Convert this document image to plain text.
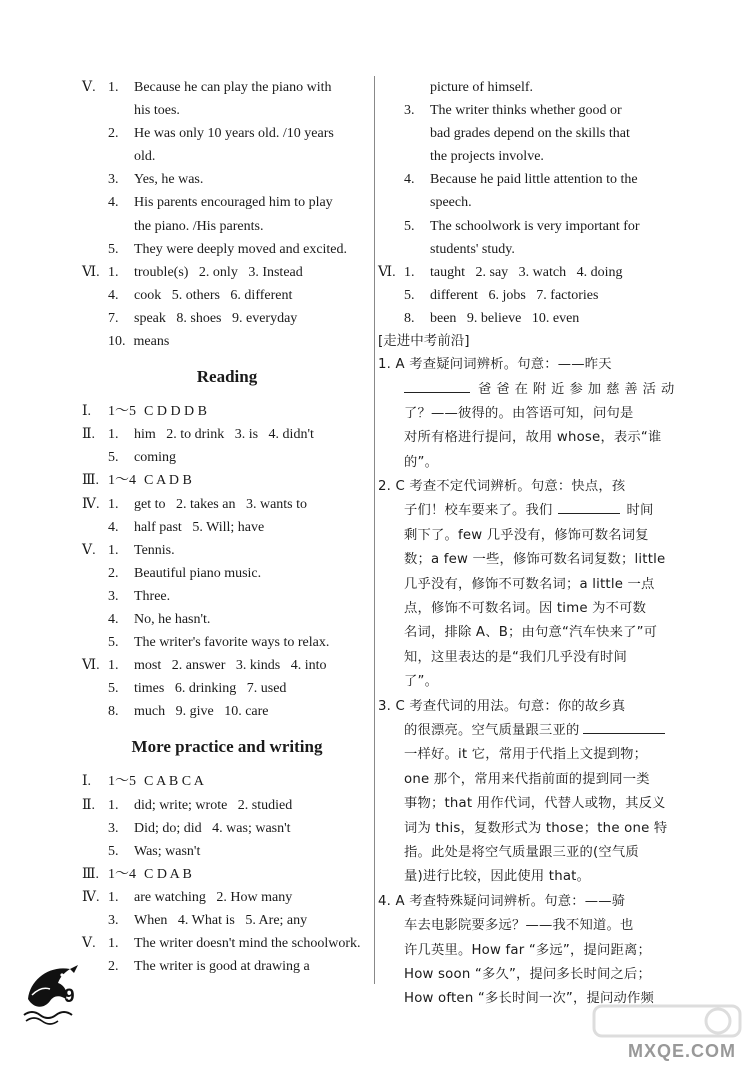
Ⅴ. 1.	Because he can play the piano with
his toes.
2.	He was only 10 years old. /10 years
old.
3.	Yes, he was.
4.	His parents encouraged him to play
the piano. /His parents.
5.	They were deeply moved and excited.
Ⅵ. 1.	trouble(s)   2. only   3. Instead
4.	cook   5. others   6. different
7.	speak   8. shoes   9. everyday
10. means
Reading
Ⅰ.	1～5 C D D D B
Ⅱ. 1.	him   2. to drink   3. is   4. didn't
5.	coming
Ⅲ. 1～4 C A D B
Ⅳ. 1.	get to   2. takes an   3. wants to
4.	half past   5. Will; have
Ⅴ. 1.	Tennis.
2.	Beautiful piano music.
3.	Three.
4.	No, he hasn't.
5.	The writer's favorite ways to relax.
Ⅵ. 1.	most   2. answer   3. kinds   4. into
5.	times   6. drinking   7. used
8.	much   9. give   10. care
More practice and writing
Ⅰ.	1～5 C A B C A
Ⅱ. 1.	did; write; wrote   2. studied
3.	Did; do; did   4. was; wasn't
5.	Was; wasn't
Ⅲ. 1～4 C D A B
Ⅳ. 1.	are watching   2. How many
3.	When   4. What is   5. Are; any
Ⅴ. 1.	The writer doesn't mind the schoolwork.
2.	The writer is good at drawing a
picture of himself.
3.	The writer thinks whether good or
bad grades depend on the skills that
the projects involve.
4.	Because he paid little attention to the
speech.
5.	The schoolwork is very important for
students' study.
Ⅵ. 1.	taught   2. say   3. watch   4. doing
5.	different   6. jobs   7. factories
8.	been   9. believe   10. even
[走进中考前沿]
1. A 考查疑问词辨析。句意：——昨天
爸爸在附近参加慈善活动
了？——彼得的。由答语可知，问句是
对所有格进行提问，故用 whose，表示“谁
的”。
2. C 考查不定代词辨析。句意：快点，孩
子们！校车要来了。我们	时间
剩下了。few 几乎没有，修饰可数名词复
数；a few 一些，修饰可数名词复数；little
几乎没有，修饰不可数名词；a little 一点
点，修饰不可数名词。因 time 为不可数
名词，排除 A、B；由句意“汽车快来了”可
知，这里表达的是“我们几乎没有时间
了”。
3. C 考查代词的用法。句意：你的故乡真
的很漂亮。空气质量跟三亚的
一样好。it 它，常用于代指上文提到物；
one 那个，常用来代指前面的提到同一类
事物；that 用作代词，代替人或物，其反义
词为 this，复数形式为 those；the one 特
指。此处是将空气质量跟三亚的(空气质
量)进行比较，因此使用 that。
4. A 考查特殊疑问词辨析。句意：——骑
车去电影院要多远？——我不知道。也
许几英里。How far “多远”，提问距离；
How soon “多久”，提问多长时间之后；
How often “多长时间一次”，提问动作频
9
MXQE.COM
